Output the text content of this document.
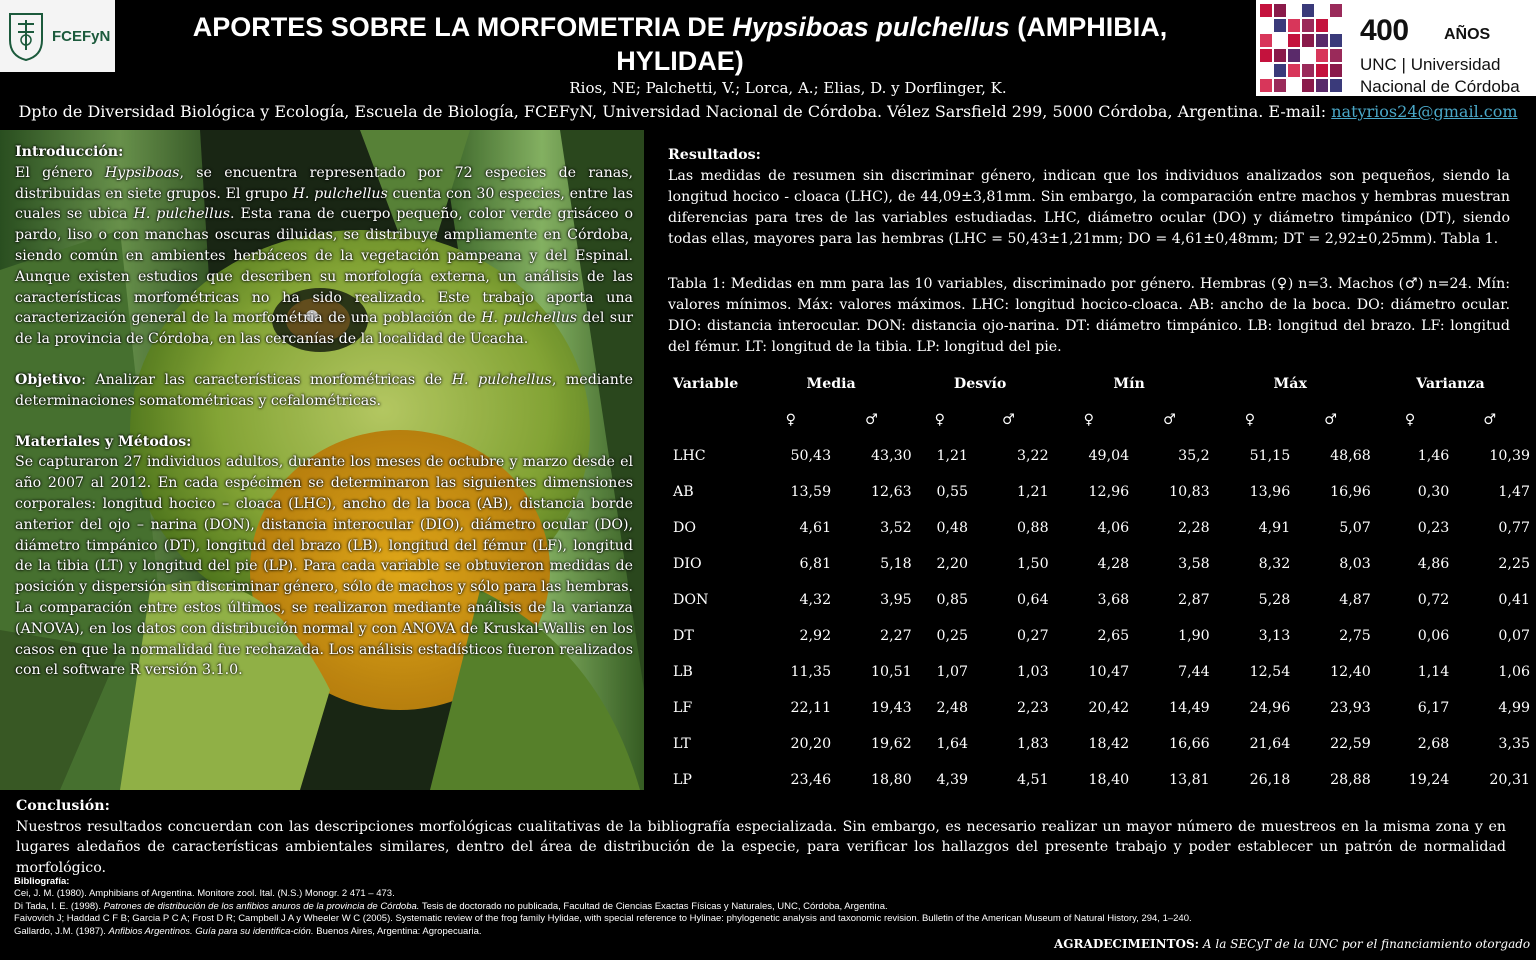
FCEFyN	400 AÑOS
UNC | Universidad
Nacional de Córdoba
APORTES SOBRE LA MORFOMETRIA DE Hypsiboas pulchellus (AMPHIBIA, HYLIDAE)
Rios, NE; Palchetti, V.; Lorca, A.; Elias, D. y Dorflinger, K.
Dpto de Diversidad Biológica y Ecología, Escuela de Biología, FCEFyN, Universidad Nacional de Córdoba. Vélez Sarsfield 299, 5000 Córdoba, Argentina. E-mail: natyrios24@gmail.com
Introducción:

El género Hypsiboas, se encuentra representado por 72 especies de ranas, distribuidas en siete grupos. El grupo H. pulchellus cuenta con 30 especies, entre las cuales se ubica H. pulchellus. Esta rana de cuerpo pequeño, color verde grisáceo o pardo, liso o con manchas oscuras diluidas, se distribuye ampliamente en Córdoba, siendo común en ambientes herbáceos de la vegetación pampeana y del Espinal. Aunque existen estudios que describen su morfología externa, un análisis de las características morfométricas no ha sido realizado. Este trabajo aporta una caracterización general de la morfométria de una población de H. pulchellus del sur de la provincia de Córdoba, en las cercanías de la localidad de Ucacha.

Objetivo: Analizar las características morfométricas de H. pulchellus, mediante determinaciones somatométricas y cefalométricas.

Materiales y Métodos:

Se capturaron 27 individuos adultos, durante los meses de octubre y marzo desde el año 2007 al 2012. En cada espécimen se determinaron las siguientes dimensiones corporales: longitud hocico – cloaca (LHC), ancho de la boca (AB), distancia borde anterior del ojo – narina (DON), distancia interocular (DIO), diámetro ocular (DO), diámetro timpánico (DT), longitud del brazo (LB), longitud del fémur (LF), longitud de la tibia (LT) y longitud del pie (LP). Para cada variable se obtuvieron medidas de posición y dispersión sin discriminar género, sólo de machos y sólo para las hembras. La comparación entre estos últimos, se realizaron mediante análisis de la varianza (ANOVA), en los datos con distribución normal y con ANOVA de Kruskal-Wallis en los casos en que la normalidad fue rechazada. Los análisis estadísticos fueron realizados con el software R versión 3.1.0.

Resultados:

Las medidas de resumen sin discriminar género, indican que los individuos analizados son pequeños, siendo la longitud hocico - cloaca (LHC), de 44,09±3,81mm. Sin embargo, la comparación entre machos y hembras muestran diferencias para tres de las variables estudiadas. LHC, diámetro ocular (DO) y diámetro timpánico (DT), siendo todas ellas, mayores para las hembras (LHC = 50,43±1,21mm; DO = 4,61±0,48mm; DT = 2,92±0,25mm). Tabla 1.

Tabla 1: Medidas en mm para las 10 variables, discriminado por género. Hembras (♀) n=3. Machos (♂) n=24. Mín: valores mínimos. Máx: valores máximos. LHC: longitud hocico-cloaca. AB: ancho de la boca. DO: diámetro ocular. DIO: distancia interocular. DON: distancia ojo-narina. DT: diámetro timpánico. LB: longitud del brazo. LF: longitud del fémur. LT: longitud de la tibia. LP: longitud del pie.
Variable	Media		Desvío		Mín		Máx		Varianza	
	♀	♂	♀	♂	♀	♂	♀	♂	♀	♂
LHC	50,43	43,30	1,21	3,22	49,04	35,2	51,15	48,68	1,46	10,39
AB	13,59	12,63	0,55	1,21	12,96	10,83	13,96	16,96	0,30	1,47
DO	4,61	3,52	0,48	0,88	4,06	2,28	4,91	5,07	0,23	0,77
DIO	6,81	5,18	2,20	1,50	4,28	3,58	8,32	8,03	4,86	2,25
DON	4,32	3,95	0,85	0,64	3,68	2,87	5,28	4,87	0,72	0,41
DT	2,92	2,27	0,25	0,27	2,65	1,90	3,13	2,75	0,06	0,07
LB	11,35	10,51	1,07	1,03	10,47	7,44	12,54	12,40	1,14	1,06
LF	22,11	19,43	2,48	2,23	20,42	14,49	24,96	23,93	6,17	4,99
LT	20,20	19,62	1,64	1,83	18,42	16,66	21,64	22,59	2,68	3,35
LP	23,46	18,80	4,39	4,51	18,40	13,81	26,18	28,88	19,24	20,31
Conclusión:

Nuestros resultados concuerdan con las descripciones morfológicas cualitativas de la bibliografía especializada. Sin embargo, es necesario realizar un mayor número de muestreos en la misma zona y en lugares aledaños de características ambientales similares, dentro del área de distribución de la especie, para verificar los hallazgos del presente trabajo y poder establecer un patrón de normalidad morfológico.

Bibliografía:
Cei, J. M. (1980). Amphibians of Argentina. Monitore zool. Ital. (N.S.) Monogr. 2 471 – 473.
Di Tada, I. E. (1998). Patrones de distribución de los anfibios anuros de la provincia de Córdoba. Tesis de doctorado no publicada, Facultad de Ciencias Exactas Físicas y Naturales, UNC, Córdoba, Argentina.
Faivovich J; Haddad C F B; Garcia P C A; Frost D R; Campbell J A y Wheeler W C (2005). Systematic review of the frog family Hylidae, with special reference to Hylinae: phylogenetic analysis and taxonomic revision. Bulletin of the American Museum of Natural History, 294, 1–240.
Gallardo, J.M. (1987). Anfibios Argentinos. Guía para su identifica-ción. Buenos Aires, Argentina: Agropecuaria.
AGRADECIMEINTOS: A la SECyT de la UNC por el financiamiento otorgado
